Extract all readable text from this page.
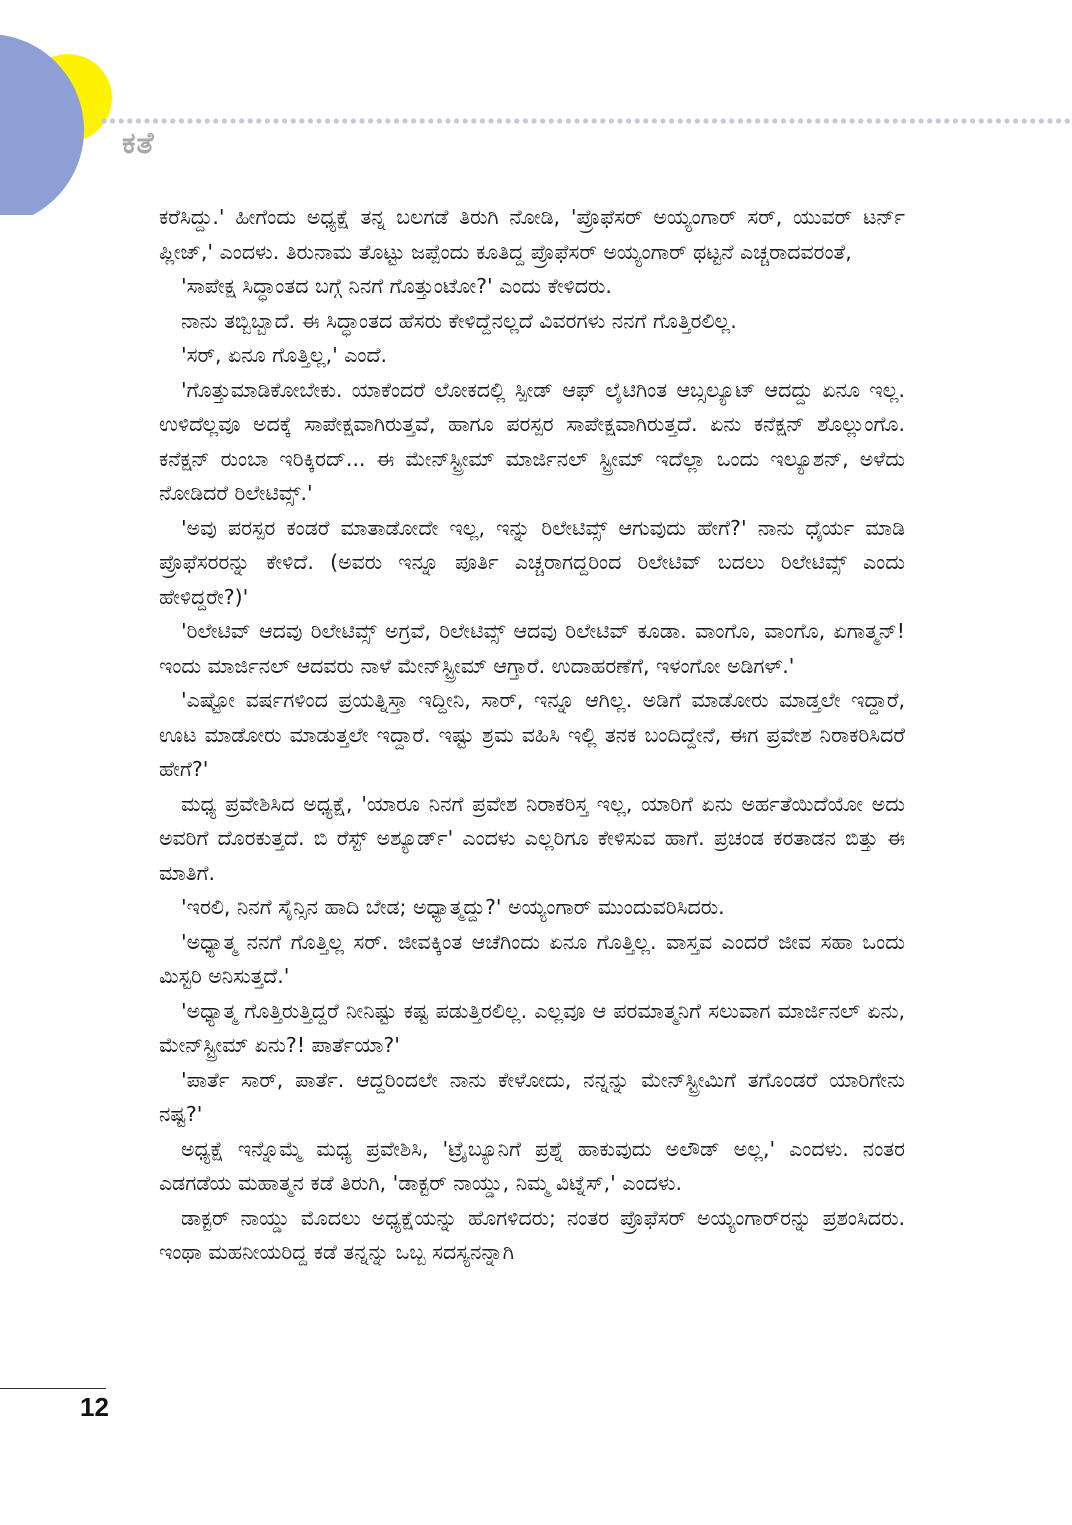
ಕತೆ

ಕರೆಸಿದ್ದು.' ಹೀಗೆಂದು ಅಧ್ಯಕ್ಷೆ ತನ್ನ ಬಲಗಡೆ ತಿರುಗಿ ನೋಡಿ, 'ಪ್ರೊಫೆಸರ್ ಅಯ್ಯಂಗಾರ್ ಸರ್, ಯುವರ್ ಟರ್ನ್ ಪ್ಲೀಜ್,' ಎಂದಳು. ತಿರುನಾಮ ತೊಟ್ಟು ಜಪ್ಪೆಂದು ಕೂತಿದ್ದ ಪ್ರೊಫೆಸರ್ ಅಯ್ಯಂಗಾರ್ ಥಟ್ಟನೆ ಎಚ್ಚರಾದವರಂತೆ,

'ಸಾಪೇಕ್ಷ ಸಿದ್ಧಾಂತದ ಬಗ್ಗೆ ನಿನಗೆ ಗೊತ್ತುಂಟೋ?' ಎಂದು ಕೇಳಿದರು.

ನಾನು ತಬ್ಬಿಬ್ಬಾದೆ. ಈ ಸಿದ್ಧಾಂತದ ಹೆಸರು ಕೇಳಿದ್ದೆನಲ್ಲದೆ ವಿವರಗಳು ನನಗೆ ಗೊತ್ತಿರಲಿಲ್ಲ.

'ಸರ್, ಏನೂ ಗೊತ್ತಿಲ್ಲ,' ಎಂದೆ.

'ಗೊತ್ತುಮಾಡಿಕೋಬೇಕು. ಯಾಕೆಂದರೆ ಲೋಕದಲ್ಲಿ ಸ್ಪೀಡ್ ಆಫ್ ಲೈಟಿಗಿಂತ ಆಬ್ಸಲ್ಯೂಟ್ ಆದದ್ದು ಏನೂ ಇಲ್ಲ. ಉಳಿದೆಲ್ಲವೂ ಅದಕ್ಕೆ ಸಾಪೇಕ್ಷವಾಗಿರುತ್ತವೆ, ಹಾಗೂ ಪರಸ್ಪರ ಸಾಪೇಕ್ಷವಾಗಿರುತ್ತದೆ. ಏನು ಕನೆಕ್ಷನ್ ಶೊಲ್ಲುಂಗೊ. ಕನೆಕ್ಷನ್ ರುಂಬಾ ಇರಿಕ್ಕಿರದ್... ಈ ಮೇನ್‌ಸ್ಟ್ರೀಮ್ ಮಾರ್ಜಿನಲ್ ಸ್ಟ್ರೀಮ್ ಇದೆಲ್ಲಾ ಒಂದು ಇಲ್ಯೂಶನ್, ಅಳೆದು ನೋಡಿದರೆ ರಿಲೇಟಿವ್ಸ್.'

'ಅವು ಪರಸ್ಪರ ಕಂಡರೆ ಮಾತಾಡೋದೇ ಇಲ್ಲ, ಇನ್ನು ರಿಲೇಟಿವ್ಸ್ ಆಗುವುದು ಹೇಗೆ?' ನಾನು ಧೈರ್ಯ ಮಾಡಿ ಪ್ರೊಫೆಸರರನ್ನು ಕೇಳಿದೆ. (ಅವರು ಇನ್ನೂ ಪೂರ್ತಿ ಎಚ್ಚರಾಗದ್ದರಿಂದ ರಿಲೇಟಿವ್ ಬದಲು ರಿಲೇಟಿವ್ಸ್ ಎಂದು ಹೇಳಿದ್ದರೇ?)'

'ರಿಲೇಟಿವ್ ಆದವು ರಿಲೇಟಿವ್ಸ್ ಅಗ್ರವೆ, ರಿಲೇಟಿವ್ಸ್ ಆದವು ರಿಲೇಟಿವ್ ಕೂಡಾ. ವಾಂಗೊ, ವಾಂಗೊ, ಏಗಾತ್ಮನ್! ಇಂದು ಮಾರ್ಜಿನಲ್ ಆದವರು ನಾಳೆ ಮೇನ್‌ಸ್ಟ್ರೀಮ್ ಆಗ್ತಾರೆ. ಉದಾಹರಣೆಗೆ, ಇಳಂಗೋ ಅಡಿಗಳ್.'

'ಎಷ್ಟೋ ವರ್ಷಗಳಿಂದ ಪ್ರಯತ್ನಿಸ್ತಾ ಇದ್ದೀನಿ, ಸಾರ್, ಇನ್ನೂ ಆಗಿಲ್ಲ. ಅಡಿಗೆ ಮಾಡೋರು ಮಾಡ್ತಲೇ ಇದ್ದಾರೆ, ಊಟ ಮಾಡೋರು ಮಾಡುತ್ತಲೇ ಇದ್ದಾರೆ. ಇಷ್ಟು ಶ್ರಮ ವಹಿಸಿ ಇಲ್ಲಿ ತನಕ ಬಂದಿದ್ದೇನೆ, ಈಗ ಪ್ರವೇಶ ನಿರಾಕರಿಸಿದರೆ ಹೇಗೆ?'

ಮಧ್ಯ ಪ್ರವೇಶಿಸಿದ ಅಧ್ಯಕ್ಷೆ, 'ಯಾರೂ ನಿನಗೆ ಪ್ರವೇಶ ನಿರಾಕರಿಸ್ತ ಇಲ್ಲ, ಯಾರಿಗೆ ಏನು ಅರ್ಹತೆಯಿದೆಯೋ ಅದು ಅವರಿಗೆ ದೊರಕುತ್ತದೆ. ಬಿ ರೆಸ್ಟ್ ಅಶ್ಯೂರ್ಡ್' ಎಂದಳು ಎಲ್ಲರಿಗೂ ಕೇಳಿಸುವ ಹಾಗೆ. ಪ್ರಚಂಡ ಕರತಾಡನ ಬಿತ್ತು ಈ ಮಾತಿಗೆ.

'ಇರಲಿ, ನಿನಗೆ ಸೈನ್ಸಿನ ಹಾದಿ ಬೇಡ; ಅಧ್ಯಾತ್ಮದ್ದು?' ಅಯ್ಯಂಗಾರ್ ಮುಂದುವರಿಸಿದರು.

'ಅಧ್ಯಾತ್ಮ ನನಗೆ ಗೊತ್ತಿಲ್ಲ ಸರ್. ಜೀವಕ್ಕಿಂತ ಆಚೆಗಿಂದು ಏನೂ ಗೊತ್ತಿಲ್ಲ. ವಾಸ್ತವ ಎಂದರೆ ಜೀವ ಸಹಾ ಒಂದು ಮಿಸ್ಟರಿ ಅನಿಸುತ್ತದೆ.'

'ಅಧ್ಯಾತ್ಮ ಗೊತ್ತಿರುತ್ತಿದ್ದರೆ ನೀನಿಷ್ಟು ಕಷ್ಟ ಪಡುತ್ತಿರಲಿಲ್ಲ. ಎಲ್ಲವೂ ಆ ಪರಮಾತ್ಮನಿಗೆ ಸಲುವಾಗ ಮಾರ್ಜಿನಲ್ ಏನು, ಮೇನ್‌ಸ್ಟ್ರೀಮ್ ಏನು?! ಪಾರ್ತೆಯಾ?'

'ಪಾರ್ತೆ ಸಾರ್, ಪಾರ್ತೆ. ಆದ್ದರಿಂದಲೇ ನಾನು ಕೇಳೋದು, ನನ್ನನ್ನು ಮೇನ್‌ಸ್ಟ್ರೀಮಿಗೆ ತಗೊಂಡರೆ ಯಾರಿಗೇನು ನಷ್ಟ?'

ಅಧ್ಯಕ್ಷೆ ಇನ್ನೊಮ್ಮೆ ಮಧ್ಯ ಪ್ರವೇಶಿಸಿ, 'ಟ್ರೈಬ್ಯೂನಿಗೆ ಪ್ರಶ್ನೆ ಹಾಕುವುದು ಅಲೌಡ್ ಅಲ್ಲ,' ಎಂದಳು. ನಂತರ ಎಡಗಡೆಯ ಮಹಾತ್ಮನ ಕಡೆ ತಿರುಗಿ, 'ಡಾಕ್ಟರ್ ನಾಯ್ಡು, ನಿಮ್ಮ ವಿಟ್ನೆಸ್,' ಎಂದಳು.

ಡಾಕ್ಟರ್ ನಾಯ್ಡು ಮೊದಲು ಅಧ್ಯಕ್ಷೆಯನ್ನು ಹೊಗಳಿದರು; ನಂತರ ಪ್ರೊಫೆಸರ್ ಅಯ್ಯಂಗಾರ್‌ರನ್ನು ಪ್ರಶಂಸಿದರು. ಇಂಥಾ ಮಹನೀಯರಿದ್ದ ಕಡೆ ತನ್ನನ್ನು ಒಬ್ಬ ಸದಸ್ಯನನ್ನಾಗಿ

12
